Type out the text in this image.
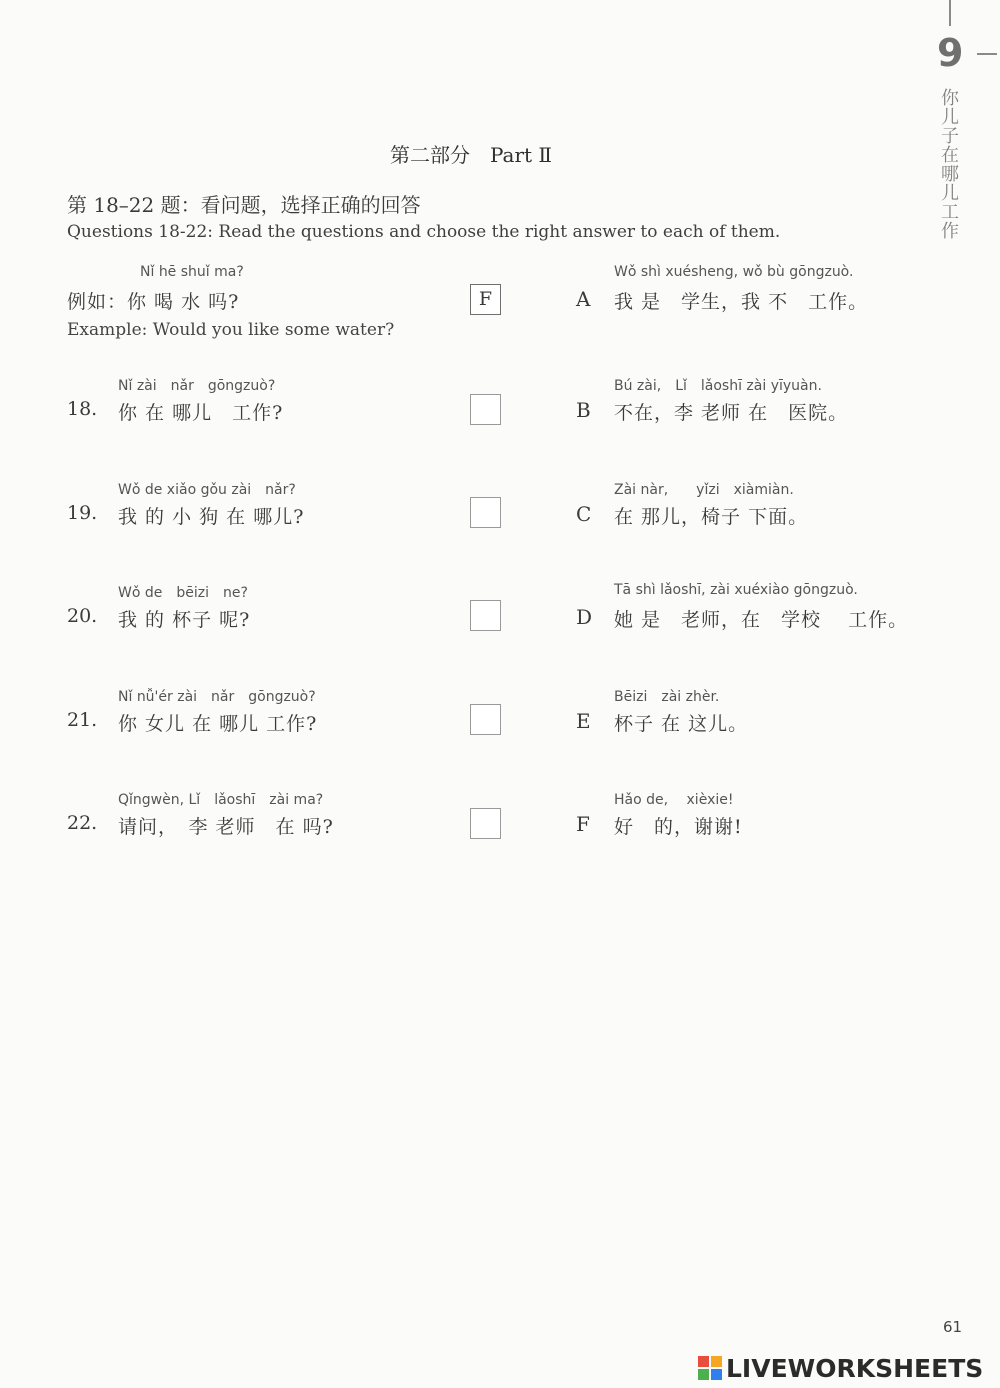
9
你儿子在哪儿工作
第二部分　Part Ⅱ
第 18–22 题：看问题，选择正确的回答
Questions 18-22: Read the questions and choose the right answer to each of them.
Nǐ hē shuǐ ma?
例如：你 喝 水 吗?
Example: Would you like some water?
F
Nǐ zài　nǎr　gōngzuò?
18. 你 在 哪儿　工作?
Wǒ de xiǎo gǒu zài　nǎr?
19. 我 的 小 狗 在 哪儿?
Wǒ de　bēizi　ne?
20. 我 的 杯子 呢?
Nǐ nǚ'ér zài　nǎr　gōngzuò?
21. 你 女儿 在 哪儿 工作?
Qǐngwèn, Lǐ　lǎoshī　zài ma?
22. 请问，　李 老师　在 吗?
Wǒ shì xuésheng, wǒ bù gōngzuò.
A 我 是　学生，我 不　工作。
Bú zài,　Lǐ　lǎoshī zài yīyuàn.
B 不在，李 老师 在　医院。
Zài nàr,　　yǐzi　xiàmiàn.
C 在 那儿，椅子 下面。
Tā shì lǎoshī, zài xuéxiào gōngzuò.
D 她 是　老师，在　学校　 工作。
Bēizi　zài zhèr.
E 杯子 在 这儿。
Hǎo de,　 xièxie!
F 好　的，谢谢!
61
LIVEWORKSHEETS
